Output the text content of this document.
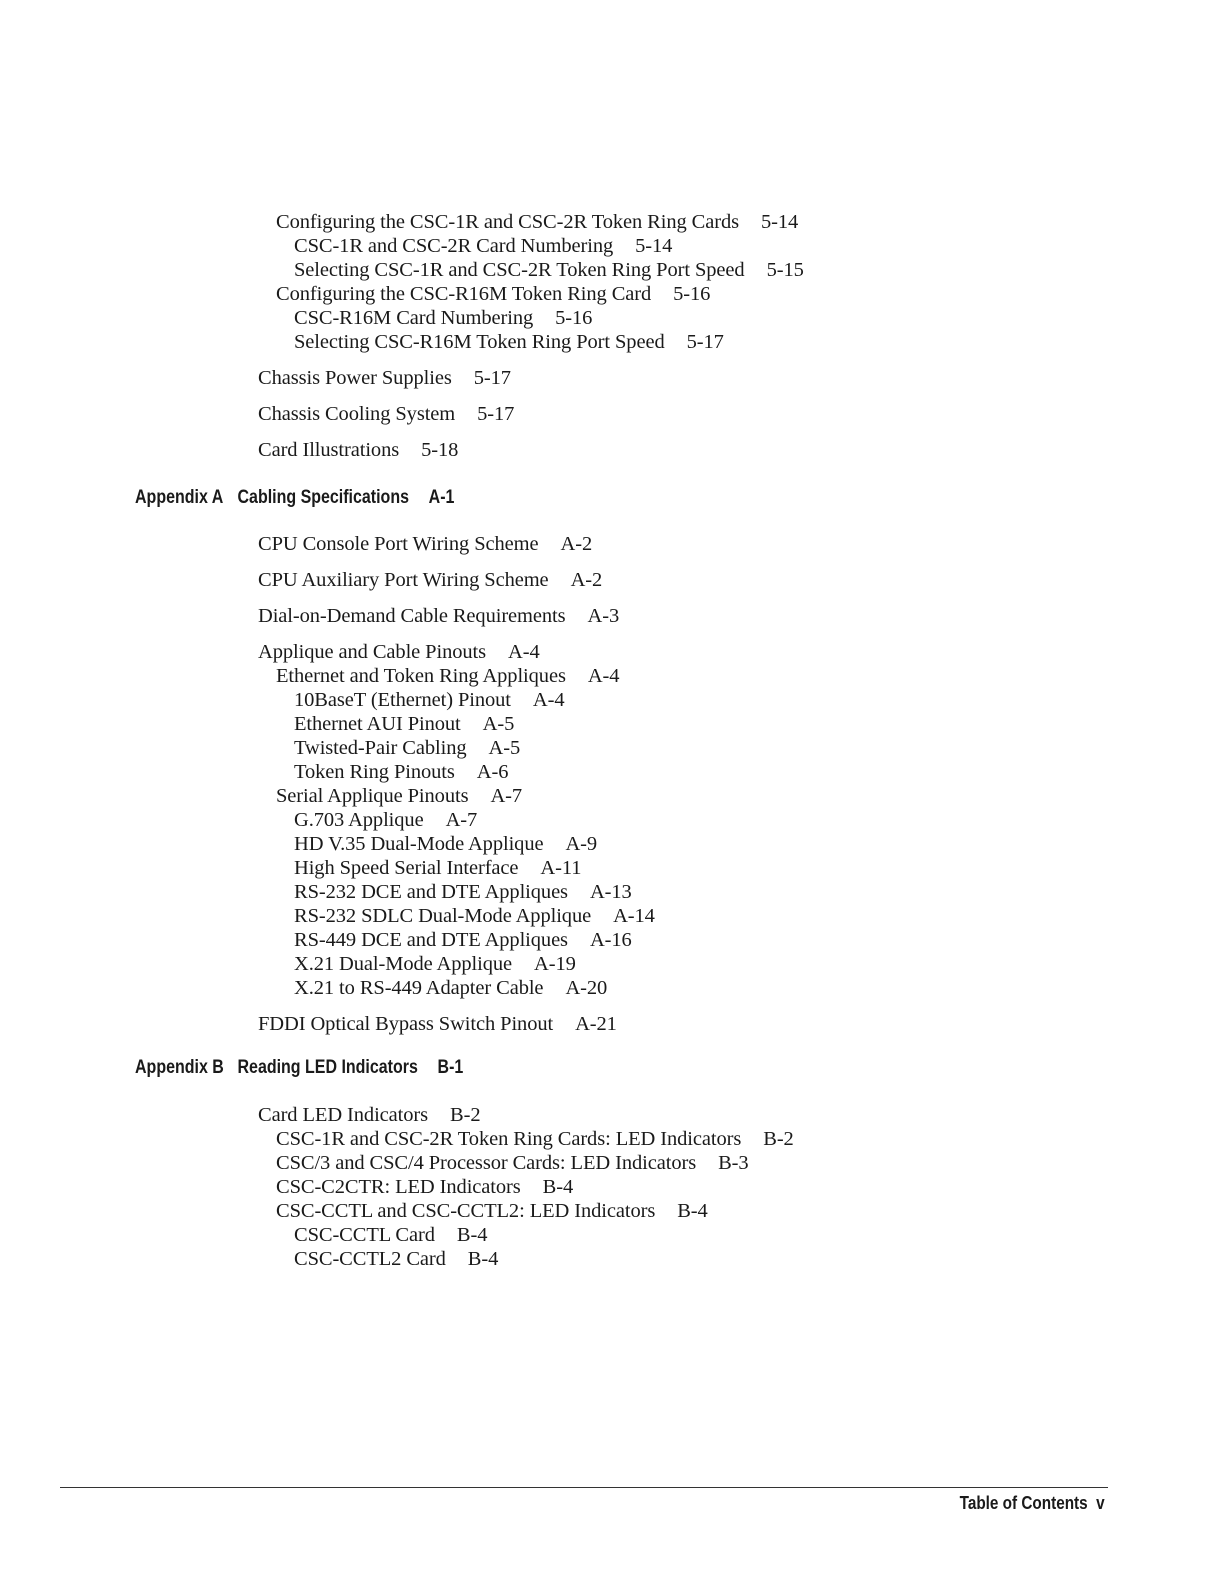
Configuring the CSC-1R and CSC-2R Token Ring Cards 5-14
CSC-1R and CSC-2R Card Numbering 5-14
Selecting CSC-1R and CSC-2R Token Ring Port Speed 5-15
Configuring the CSC-R16M Token Ring Card 5-16
CSC-R16M Card Numbering 5-16
Selecting CSC-R16M Token Ring Port Speed 5-17
Chassis Power Supplies 5-17
Chassis Cooling System 5-17
Card Illustrations 5-18
Appendix A Cabling Specifications A-1
CPU Console Port Wiring Scheme A-2
CPU Auxiliary Port Wiring Scheme A-2
Dial-on-Demand Cable Requirements A-3
Applique and Cable Pinouts A-4
Ethernet and Token Ring Appliques A-4
10BaseT (Ethernet) Pinout A-4
Ethernet AUI Pinout A-5
Twisted-Pair Cabling A-5
Token Ring Pinouts A-6
Serial Applique Pinouts A-7
G.703 Applique A-7
HD V.35 Dual-Mode Applique A-9
High Speed Serial Interface A-11
RS-232 DCE and DTE Appliques A-13
RS-232 SDLC Dual-Mode Applique A-14
RS-449 DCE and DTE Appliques A-16
X.21 Dual-Mode Applique A-19
X.21 to RS-449 Adapter Cable A-20
FDDI Optical Bypass Switch Pinout A-21
Appendix B Reading LED Indicators B-1
Card LED Indicators B-2
CSC-1R and CSC-2R Token Ring Cards: LED Indicators B-2
CSC/3 and CSC/4 Processor Cards: LED Indicators B-3
CSC-C2CTR: LED Indicators B-4
CSC-CCTL and CSC-CCTL2: LED Indicators B-4
CSC-CCTL Card B-4
CSC-CCTL2 Card B-4
Table of Contents v
